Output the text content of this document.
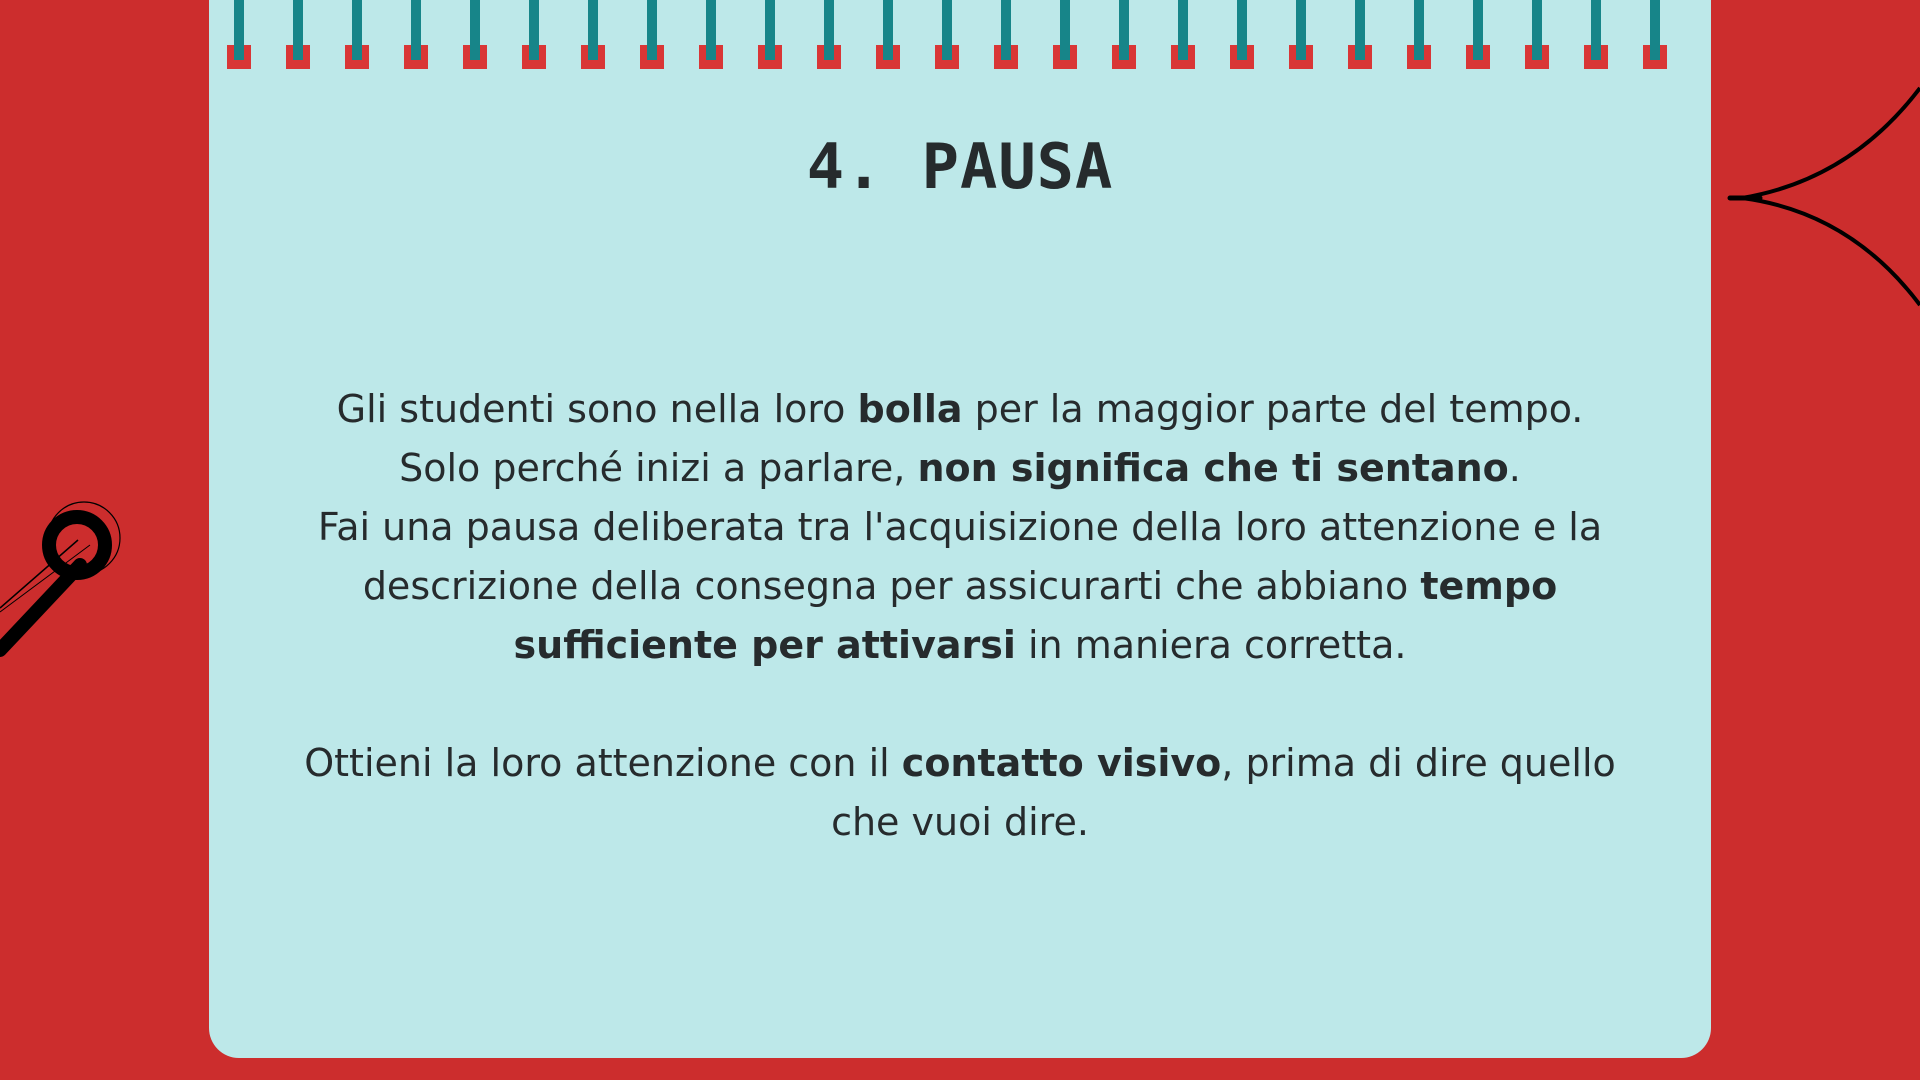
4. PAUSA

Gli studenti sono nella loro bolla per la maggior parte del tempo.

Solo perché inizi a parlare, non significa che ti sentano.

Fai una pausa deliberata tra l'acquisizione della loro attenzione e la descrizione della consegna per assicurarti che abbiano tempo sufficiente per attivarsi in maniera corretta.

Ottieni la loro attenzione con il contatto visivo, prima di dire quello che vuoi dire.
